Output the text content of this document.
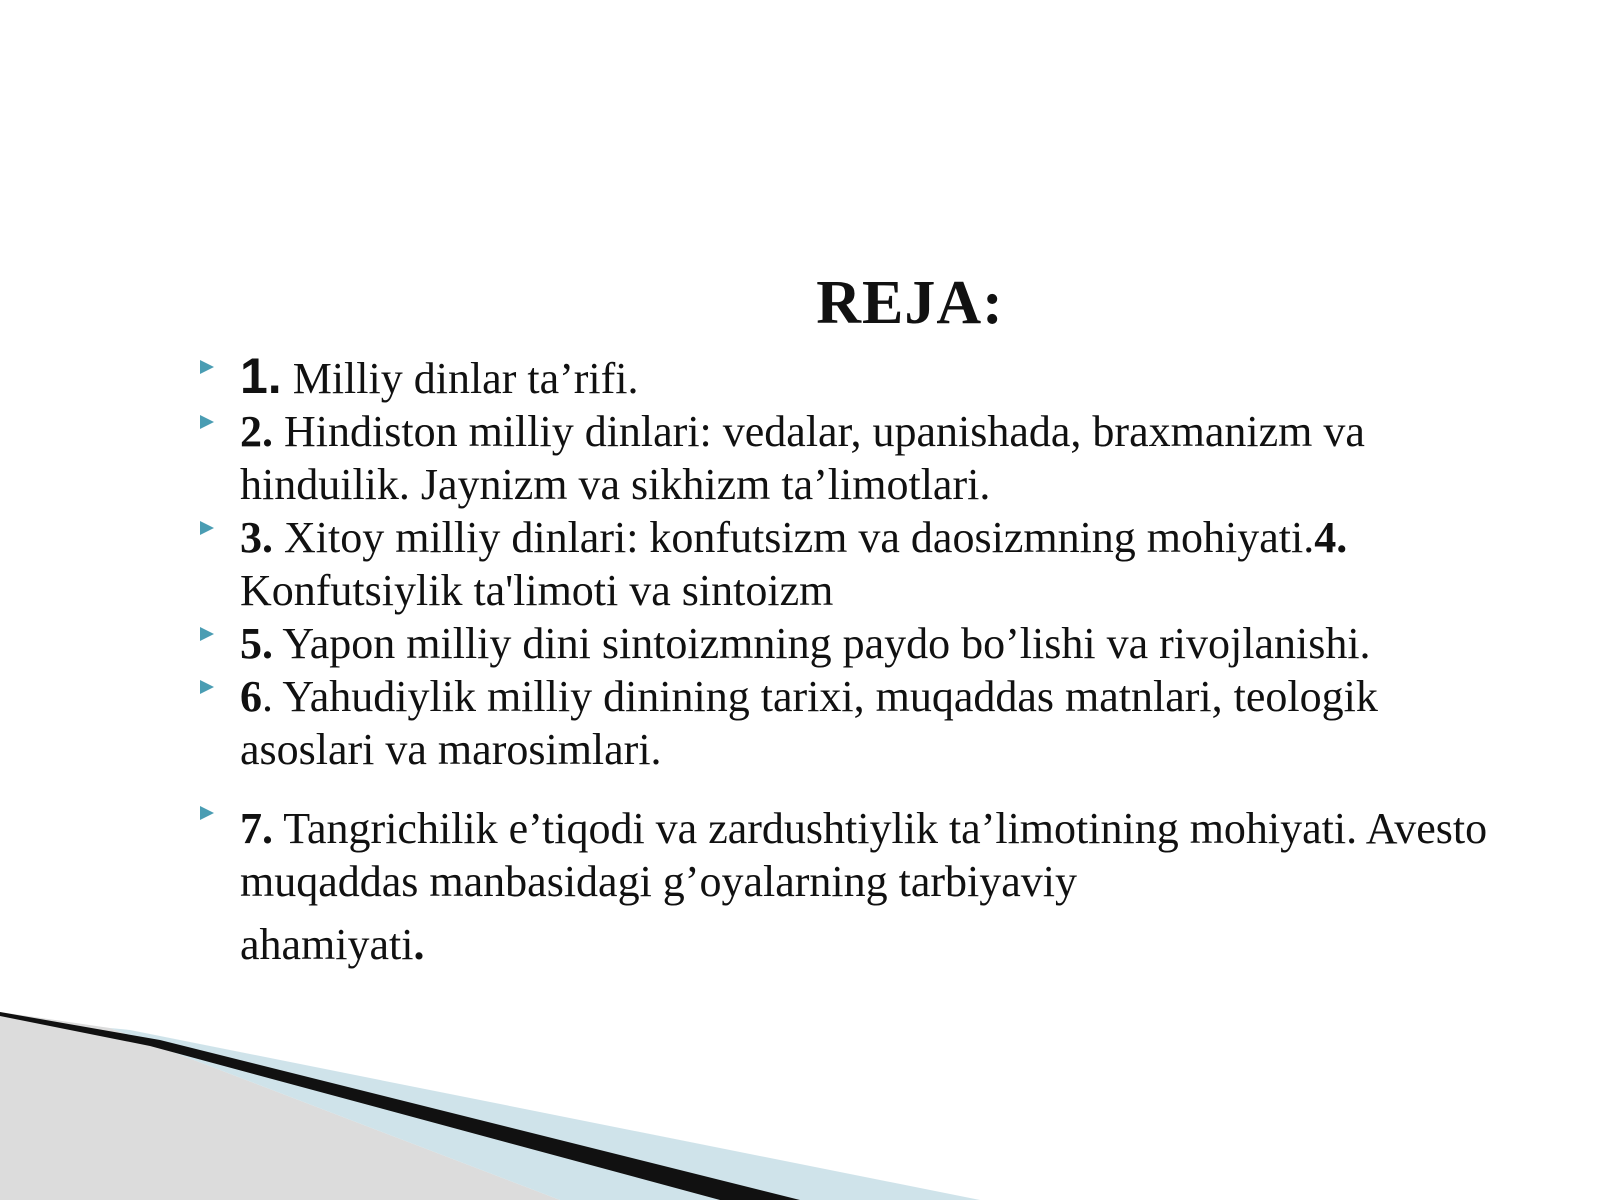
REJA:
1. Milliy dinlar ta’rifi.
2. Hindiston milliy dinlari: vedalar, upanishada, braxmanizm va hinduilik. Jaynizm va sikhizm ta’limotlari.
3. Xitoy milliy dinlari: konfutsizm va daosizmning mohiyati.4. Konfutsiylik ta'limoti va sintoizm
5. Yapon milliy dini sintoizmning paydo bo’lishi va rivojlanishi.
6. Yahudiylik milliy dinining tarixi, muqaddas matnlari, teologik asoslari va marosimlari.
7. Tangrichilik e’tiqodi va zardushtiylik ta’limotining mohiyati. Avesto muqaddas manbasidagi g’oyalarning tarbiyaviy
ahamiyati.
